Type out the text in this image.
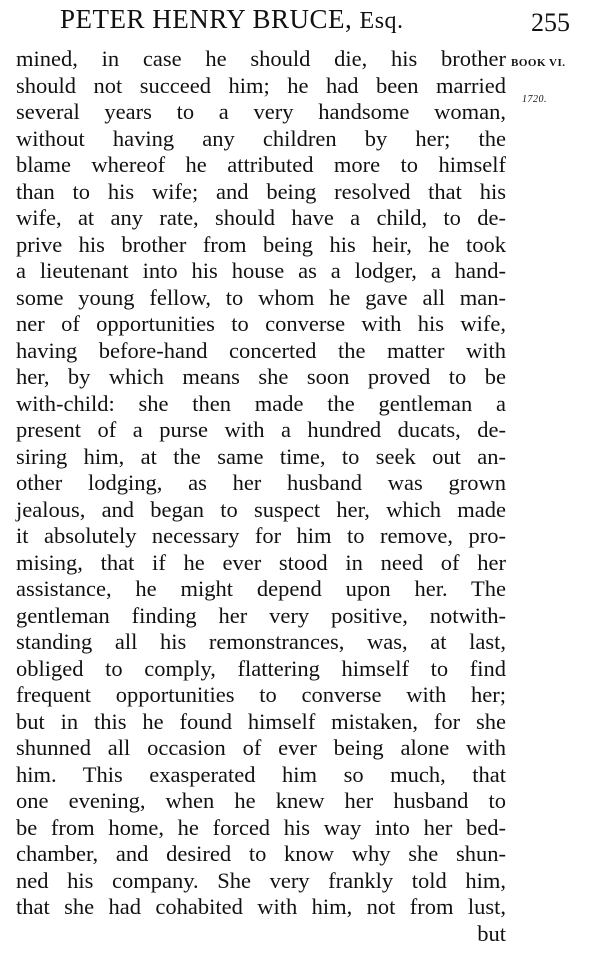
PETER HENRY BRUCE, Esq.	255
BOOK VI.
1720.
mined, in case he should die, his brother
should not succeed him; he had been married
several years to a very handsome woman,
without having any children by her; the
blame whereof he attributed more to himself
than to his wife; and being resolved that his
wife, at any rate, should have a child, to de-
prive his brother from being his heir, he took
a lieutenant into his house as a lodger, a hand-
some young fellow, to whom he gave all man-
ner of opportunities to converse with his wife,
having before-hand concerted the matter with
her, by which means she soon proved to be
with-child: she then made the gentleman a
present of a purse with a hundred ducats, de-
siring him, at the same time, to seek out an-
other lodging, as her husband was grown
jealous, and began to suspect her, which made
it absolutely necessary for him to remove, pro-
mising, that if he ever stood in need of her
assistance, he might depend upon her. The
gentleman finding her very positive, notwith-
standing all his remonstrances, was, at last,
obliged to comply, flattering himself to find
frequent opportunities to converse with her;
but in this he found himself mistaken, for she
shunned all occasion of ever being alone with
him. This exasperated him so much, that
one evening, when he knew her husband to
be from home, he forced his way into her bed-
chamber, and desired to know why she shun-
ned his company. She very frankly told him,
that she had cohabited with him, not from lust,
but
